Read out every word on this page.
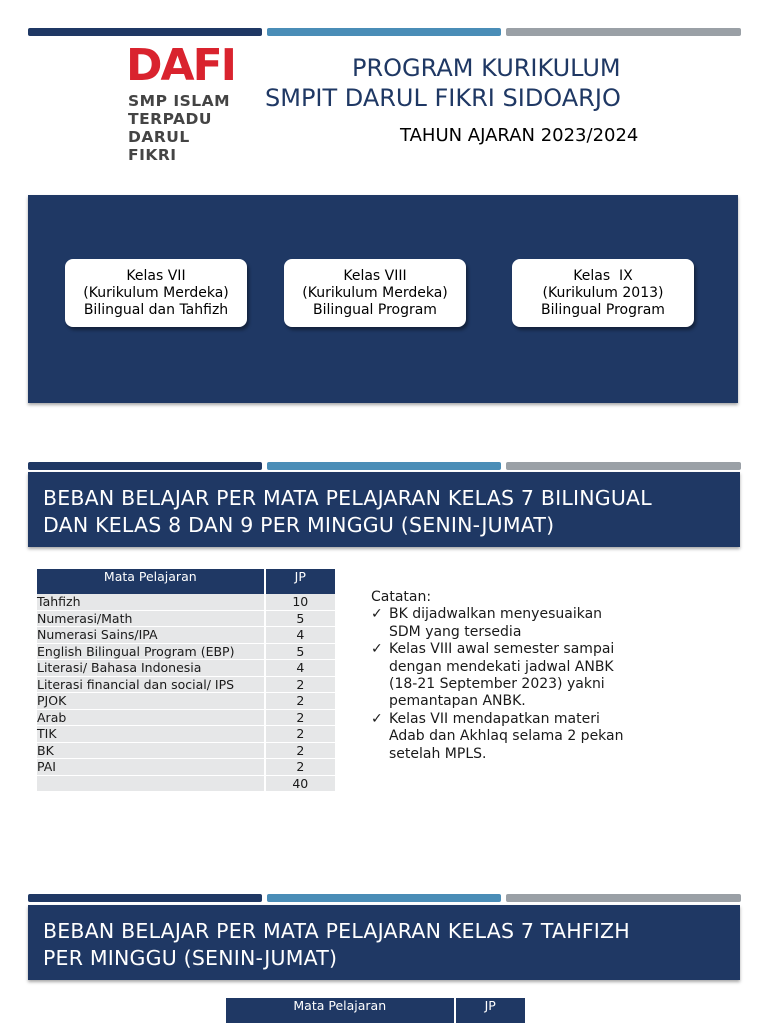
DAFI
SMP ISLAM
TERPADU
DARUL FIKRI
PROGRAM KURIKULUM
SMPIT DARUL FIKRI SIDOARJO
TAHUN AJARAN 2023/2024
Kelas VII
(Kurikulum Merdeka)
Bilingual dan Tahfizh
Kelas VIII
(Kurikulum Merdeka)
Bilingual Program
Kelas  IX
(Kurikulum 2013)
Bilingual Program
BEBAN BELAJAR PER MATA PELAJARAN KELAS 7 BILINGUAL
DAN KELAS 8 DAN 9 PER MINGGU (SENIN-JUMAT)
Mata Pelajaran	JP
Tahfizh	10
Numerasi/Math	5
Numerasi Sains/IPA	4
English Bilingual Program (EBP)	5
Literasi/ Bahasa Indonesia	4
Literasi financial dan social/ IPS	2
PJOK	2
Arab	2
TIK	2
BK	2
PAI	2
	40
Catatan:
✓ BK dijadwalkan menyesuaikan
SDM yang tersedia
✓ Kelas VIII awal semester sampai
dengan mendekati jadwal ANBK
(18-21 September 2023) yakni
pemantapan ANBK.
✓ Kelas VII mendapatkan materi
Adab dan Akhlaq selama 2 pekan
setelah MPLS.
BEBAN BELAJAR PER MATA PELAJARAN KELAS 7 TAHFIZH
PER MINGGU (SENIN-JUMAT)
Mata Pelajaran	JP
